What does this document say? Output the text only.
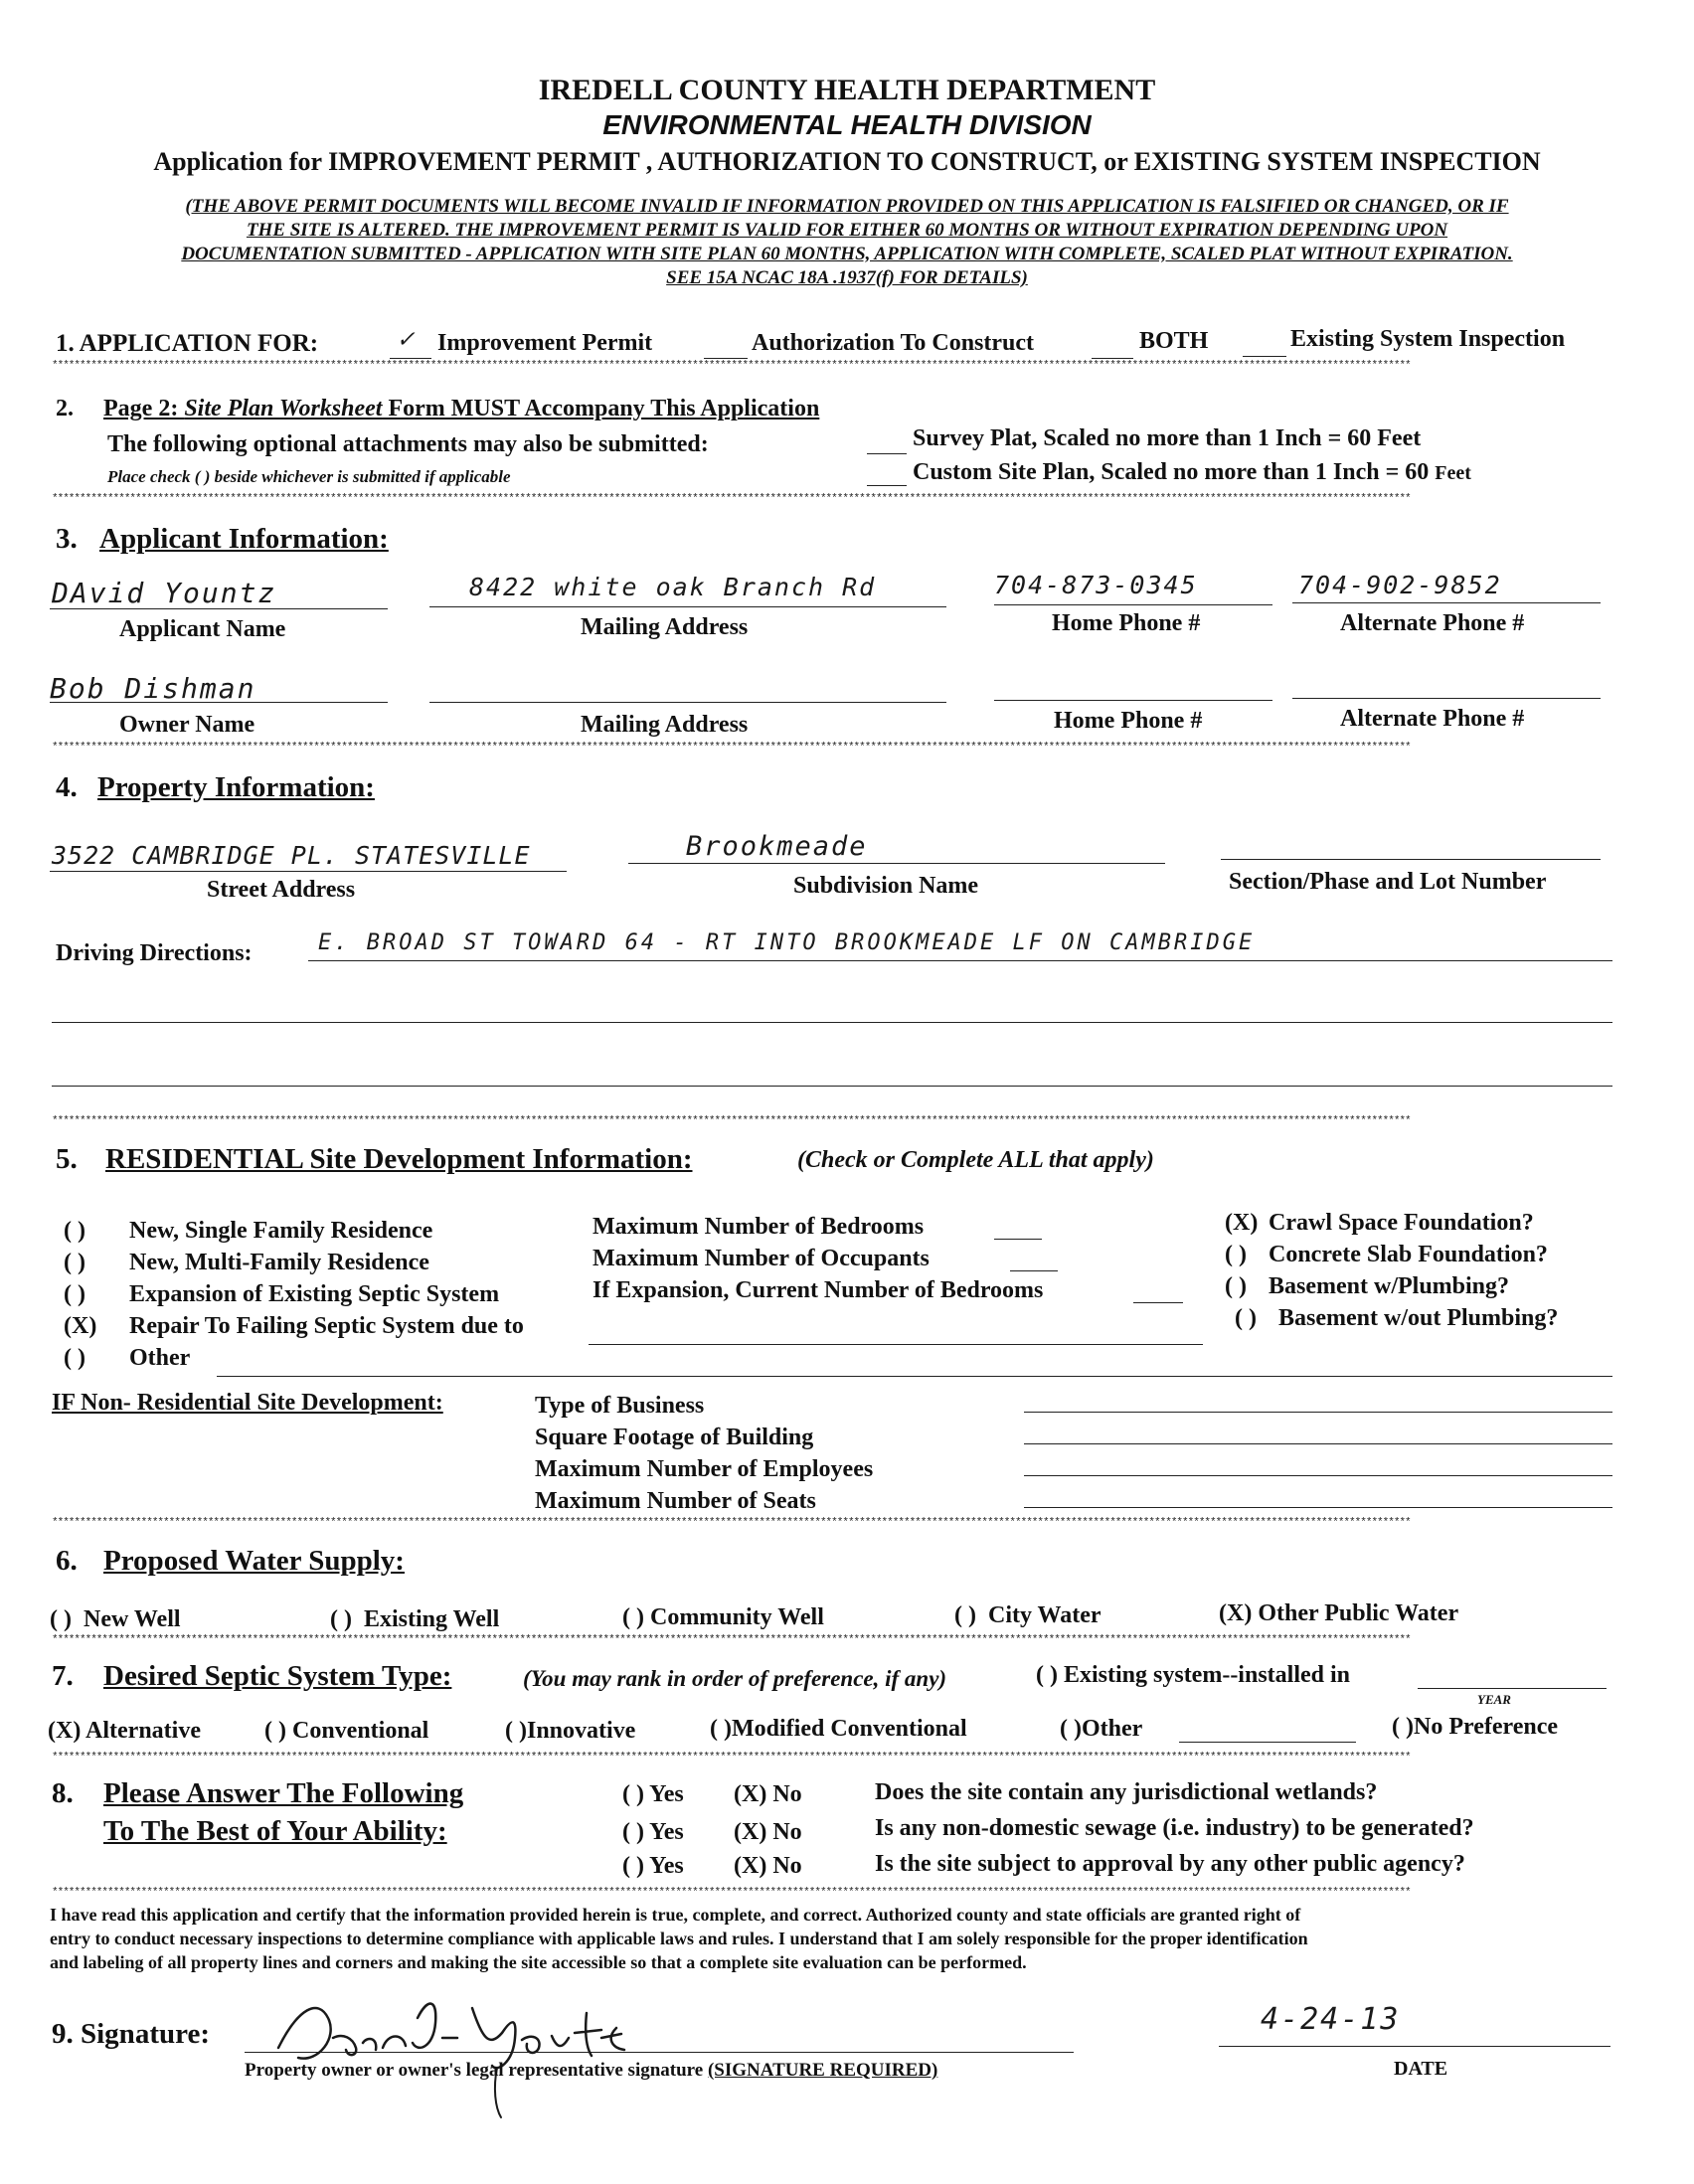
IREDELL COUNTY HEALTH DEPARTMENT
ENVIRONMENTAL HEALTH DIVISION
Application for IMPROVEMENT PERMIT , AUTHORIZATION TO CONSTRUCT, or EXISTING SYSTEM INSPECTION
(THE ABOVE PERMIT DOCUMENTS WILL BECOME INVALID IF INFORMATION PROVIDED ON THIS APPLICATION IS FALSIFIED OR CHANGED, OR IF
THE SITE IS ALTERED. THE IMPROVEMENT PERMIT IS VALID FOR EITHER 60 MONTHS OR WITHOUT EXPIRATION DEPENDING UPON
DOCUMENTATION SUBMITTED - APPLICATION WITH SITE PLAN 60 MONTHS, APPLICATION WITH COMPLETE, SCALED PLAT WITHOUT EXPIRATION.
SEE 15A NCAC 18A .1937(f) FOR DETAILS)
1. APPLICATION FOR:	✓ Improvement Permit	Authorization To Construct	BOTH	Existing System Inspection
****************************************************************************************************************************************************************************************************************************************************
2. Page 2: Site Plan Worksheet Form MUST Accompany This Application
The following optional attachments may also be submitted:
Place check ( ) beside whichever is submitted if applicable
Survey Plat, Scaled no more than 1 Inch = 60 Feet
Custom Site Plan, Scaled no more than 1 Inch = 60 Feet
****************************************************************************************************************************************************************************************************************************************************
3. Applicant Information:
DAvid Yountz	8422 white oak Branch Rd	704-873-0345	704-902-9852
Applicant Name	Mailing Address	Home Phone #	Alternate Phone #
Bob Dishman
Owner Name	Mailing Address	Home Phone #	Alternate Phone #
****************************************************************************************************************************************************************************************************************************************************
4. Property Information:
3522 CAMBRIDGE PL. STATESVILLE	Brookmeade
Street Address	Subdivision Name	Section/Phase and Lot Number
Driving Directions:	E. BROAD ST TOWARD 64 - RT INTO BROOKMEADE LF ON CAMBRIDGE
****************************************************************************************************************************************************************************************************************************************************
5. RESIDENTIAL Site Development Information:	(Check or Complete ALL that apply)
( ) New, Single Family Residence
( ) New, Multi-Family Residence
( ) Expansion of Existing Septic System
(X) Repair To Failing Septic System due to
( ) Other
Maximum Number of Bedrooms
Maximum Number of Occupants
If Expansion, Current Number of Bedrooms
(X) Crawl Space Foundation?
( ) Concrete Slab Foundation?
( ) Basement w/Plumbing?
( ) Basement w/out Plumbing?
IF Non- Residential Site Development:	Type of Business
Square Footage of Building
Maximum Number of Employees
Maximum Number of Seats
****************************************************************************************************************************************************************************************************************************************************
6. Proposed Water Supply:
( ) New Well	( ) Existing Well	( ) Community Well	( ) City Water	(X) Other Public Water
****************************************************************************************************************************************************************************************************************************************************
7. Desired Septic System Type:	(You may rank in order of preference, if any)	( ) Existing system--installed in
YEAR
(X) Alternative	( ) Conventional	( )Innovative	( )Modified Conventional	( )Other	( )No Preference
****************************************************************************************************************************************************************************************************************************************************
8. Please Answer The Following
To The Best of Your Ability:
( ) Yes (X) No	Does the site contain any jurisdictional wetlands?
( ) Yes (X) No	Is any non-domestic sewage (i.e. industry) to be generated?
( ) Yes (X) No	Is the site subject to approval by any other public agency?
****************************************************************************************************************************************************************************************************************************************************
I have read this application and certify that the information provided herein is true, complete, and correct. Authorized county and state officials are granted right of
entry to conduct necessary inspections to determine compliance with applicable laws and rules. I understand that I am solely responsible for the proper identification
and labeling of all property lines and corners and making the site accessible so that a complete site evaluation can be performed.
9. Signature:
Property owner or owner's legal representative signature (SIGNATURE REQUIRED)
4-24-13
DATE
